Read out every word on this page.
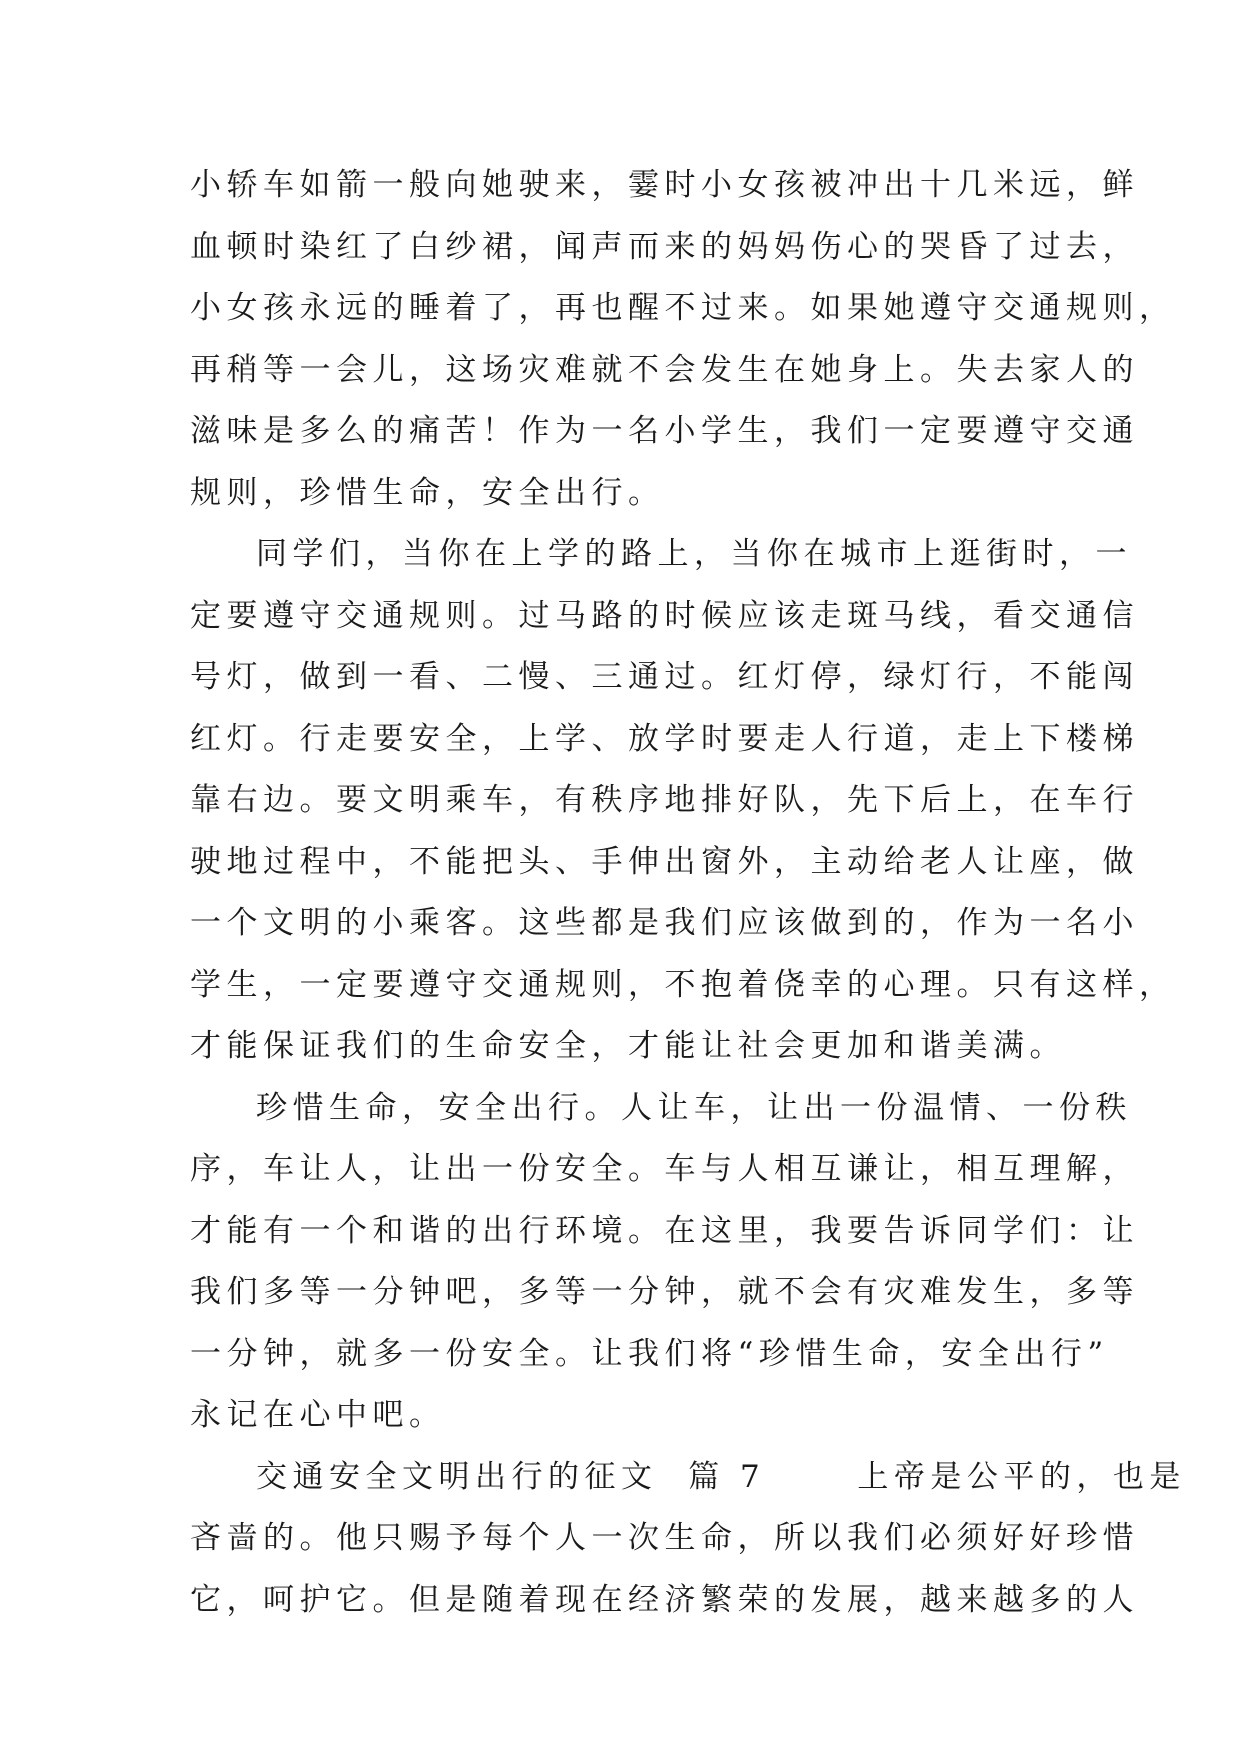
小轿车如箭一般向她驶来，霎时小女孩被冲出十几米远，鲜
血顿时染红了白纱裙，闻声而来的妈妈伤心的哭昏了过去，
小女孩永远的睡着了，再也醒不过来。如果她遵守交通规则，
再稍等一会儿，这场灾难就不会发生在她身上。失去家人的
滋味是多么的痛苦！作为一名小学生，我们一定要遵守交通
规则，珍惜生命，安全出行。
同学们，当你在上学的路上，当你在城市上逛街时，一
定要遵守交通规则。过马路的时候应该走斑马线，看交通信
号灯，做到一看、二慢、三通过。红灯停，绿灯行，不能闯
红灯。行走要安全，上学、放学时要走人行道，走上下楼梯
靠右边。要文明乘车，有秩序地排好队，先下后上，在车行
驶地过程中，不能把头、手伸出窗外，主动给老人让座，做
一个文明的小乘客。这些都是我们应该做到的，作为一名小
学生，一定要遵守交通规则，不抱着侥幸的心理。只有这样，
才能保证我们的生命安全，才能让社会更加和谐美满。
珍惜生命，安全出行。人让车，让出一份温情、一份秩
序，车让人，让出一份安全。车与人相互谦让，相互理解，
才能有一个和谐的出行环境。在这里，我要告诉同学们：让
我们多等一分钟吧，多等一分钟，就不会有灾难发生，多等
一分钟，就多一份安全。让我们将“珍惜生命，安全出行”
永记在心中吧。
交通安全文明出行的征文  篇 7      上帝是公平的，也是
吝啬的。他只赐予每个人一次生命，所以我们必须好好珍惜
它，呵护它。但是随着现在经济繁荣的发展，越来越多的人
